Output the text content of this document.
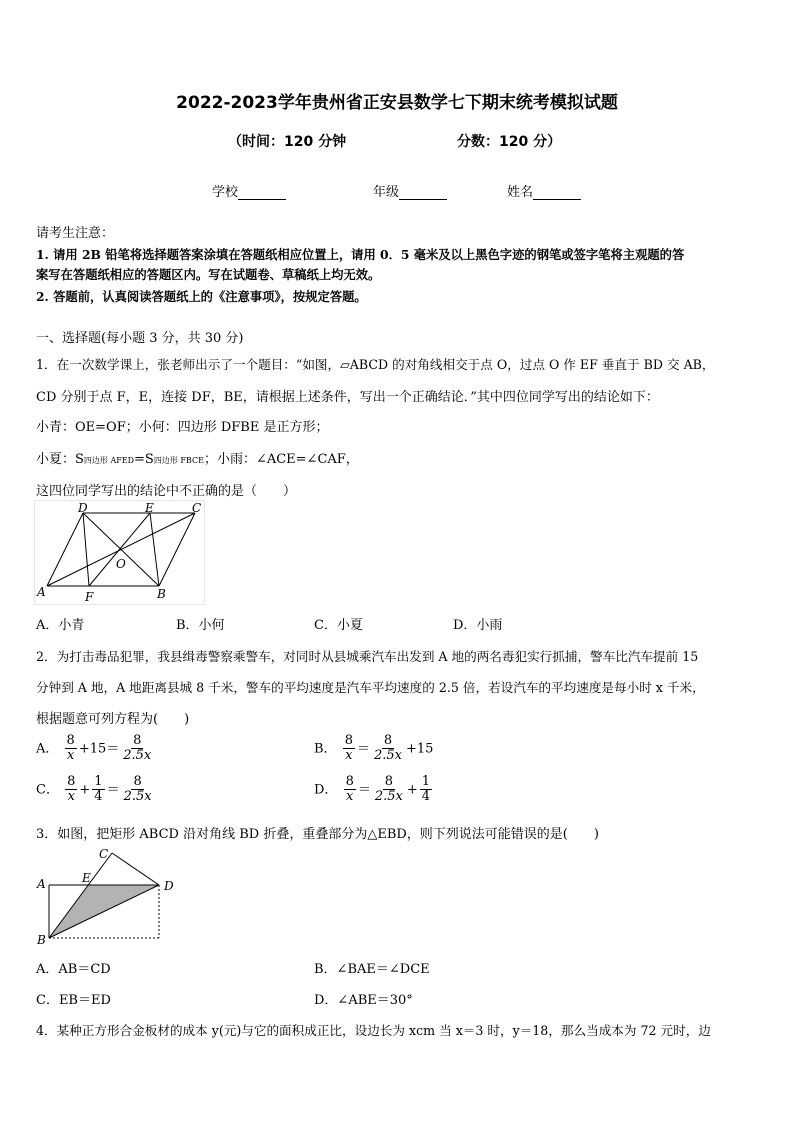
2022-2023学年贵州省正安县数学七下期末统考模拟试题
（时间：120 分钟	分数：120 分）
学校	年级	姓名
请考生注意：
1. 请用 2B 铅笔将选择题答案涂填在答题纸相应位置上，请用 0．5 毫米及以上黑色字迹的钢笔或签字笔将主观题的答
案写在答题纸相应的答题区内。写在试题卷、草稿纸上均无效。
2. 答题前，认真阅读答题纸上的《注意事项》，按规定答题。
一、选择题(每小题 3 分，共 30 分)
1．在一次数学课上，张老师出示了一个题目：“如图，▱ABCD 的对角线相交于点 O，过点 O 作 EF 垂直于 BD 交 AB，
CD 分别于点 F，E，连接 DF，BE，请根据上述条件，写出一个正确结论．”其中四位同学写出的结论如下：
小青：OE=OF；小何：四边形 DFBE 是正方形；
小夏：S四边形 AFED=S四边形 FBCE；小雨：∠ACE=∠CAF，
这四位同学写出的结论中不正确的是（　　）
D	E	C
O
A	F	B
A．小青	B．小何	C．小夏	D．小雨
2．为打击毒品犯罪，我县缉毒警察乘警车，对同时从县城乘汽车出发到 A 地的两名毒犯实行抓捕，警车比汽车提前 15
分钟到 A 地，A 地距离县城 8 千米，警车的平均速度是汽车平均速度的 2.5 倍，若设汽车的平均速度是每小时 x 千米，
根据题意可列方程为(　　)
A． $\frac{8}{x} +15= \frac{8}{2.5x}$	B． $\frac{8}{x} = \frac{8}{2.5x} +15$
C． $\frac{8}{x} + \frac{1}{4} = \frac{8}{2.5x}$	D． $\frac{8}{x} = \frac{8}{2.5x} + \frac{1}{4}$
3．如图，把矩形 ABCD 沿对角线 BD 折叠，重叠部分为△EBD，则下列说法可能错误的是(　　)
C
A	E
D
B
A．AB＝CD	B．∠BAE＝∠DCE
C．EB＝ED	D．∠ABE＝30°
4．某种正方形合金板材的成本 y(元)与它的面积成正比，设边长为 xcm 当 x＝3 时，y＝18，那么当成本为 72 元时，边
